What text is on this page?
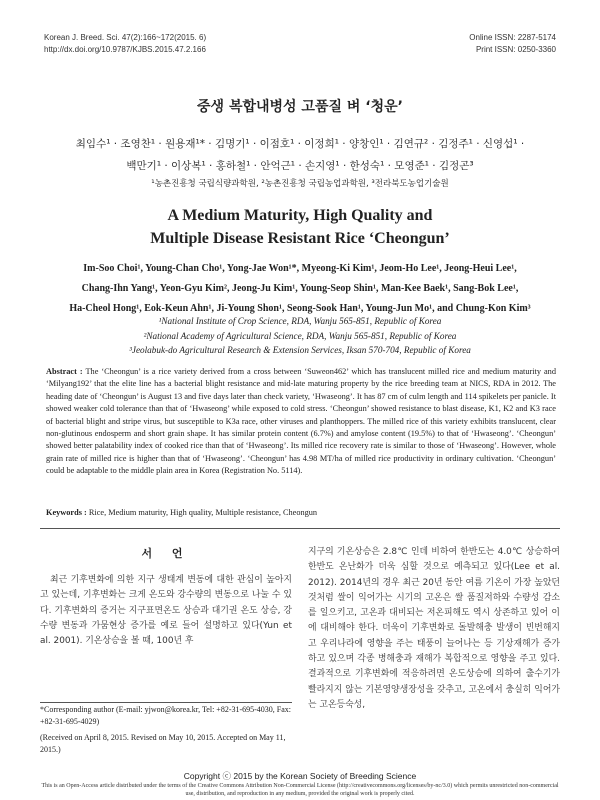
Korean J. Breed. Sci. 47(2):166~172(2015. 6)
http://dx.doi.org/10.9787/KJBS.2015.47.2.166
Online ISSN: 2287-5174
Print ISSN: 0250-3360
중생 복합내병성 고품질 벼 ‘청운’
최임수¹ · 조영찬¹ · 원용재¹* · 김명기¹ · 이점호¹ · 이정희¹ · 양창인¹ · 김연규² · 김정주¹ · 신영섭¹ ·
백만기¹ · 이상복¹ · 홍하철¹ · 안억근¹ · 손지영¹ · 한성숙¹ · 모영준¹ · 김정곤³
¹농촌진흥청 국립식량과학원, ²농촌진흥청 국립농업과학원, ³전라북도농업기술원
A Medium Maturity, High Quality and
Multiple Disease Resistant Rice ‘Cheongun’
Im-Soo Choi¹, Young-Chan Cho¹, Yong-Jae Won¹*, Myeong-Ki Kim¹, Jeom-Ho Lee¹, Jeong-Heui Lee¹,
Chang-Ihn Yang¹, Yeon-Gyu Kim², Jeong-Ju Kim¹, Young-Seop Shin¹, Man-Kee Baek¹, Sang-Bok Lee¹,
Ha-Cheol Hong¹, Eok-Keun Ahn¹, Ji-Young Shon¹, Seong-Sook Han¹, Young-Jun Mo¹, and Chung-Kon Kim³
¹National Institute of Crop Science, RDA, Wanju 565-851, Republic of Korea
²National Academy of Agricultural Science, RDA, Wanju 565-851, Republic of Korea
³Jeolabuk-do Agricultural Research & Extension Services, Iksan 570-704, Republic of Korea
Abstract : The ‘Cheongun’ is a rice variety derived from a cross between ‘Suweon462’ which has translucent milled rice and medium maturity and ‘Milyang192’ that the elite line has a bacterial blight resistance and mid-late maturing property by the rice breeding team at NICS, RDA in 2012. The heading date of ‘Cheongun’ is August 13 and five days later than check variety, ‘Hwaseong’. It has 87 cm of culm length and 114 spikelets per panicle. It showed weaker cold tolerance than that of ‘Hwaseong’ while exposed to cold stress. ‘Cheongun’ showed resistance to blast disease, K1, K2 and K3 race of bacterial blight and stripe virus, but susceptible to K3a race, other viruses and planthoppers. The milled rice of this variety exhibits translucent, clear non-glutinous endosperm and short grain shape. It has similar protein content (6.7%) and amylose content (19.5%) to that of ‘Hwaseong’. ‘Cheongun’ showed better palatability index of cooked rice than that of ‘Hwaseong’. Its milled rice recovery rate is similar to those of ‘Hwaseong’. However, whole grain rate of milled rice is higher than that of ‘Hwaseong’. ‘Cheongun’ has 4.98 MT/ha of milled rice productivity in ordinary cultivation. ‘Cheongun’ could be adaptable to the middle plain area in Korea (Registration No. 5114).
Keywords : Rice, Medium maturity, High quality, Multiple resistance, Cheongun
서 언

최근 기후변화에 의한 지구 생태계 변동에 대한 관심이 높아지고 있는데, 기후변화는 크게 온도와 강수량의 변동으로 나눌 수 있다. 기후변화의 증거는 지구표면온도 상승과 대기권 온도 상승, 강수량 변동과 가뭄현상 증가를 예로 들어 설명하고 있다(Yun et al. 2001). 기온상승을 볼 때, 100년 후

지구의 기온상승은 2.8℃ 인데 비하여 한반도는 4.0℃ 상승하여 한반도 온난화가 더욱 심할 것으로 예측되고 있다(Lee et al. 2012). 2014년의 경우 최근 20년 동안 여름 기온이 가장 높았던 것처럼 쌀이 익어가는 시기의 고온은 쌀 품질저하와 수량성 감소를 일으키고, 고온과 대비되는 저온피해도 역시 상존하고 있어 이에 대비해야 한다. 더욱이 기후변화로 돌발해충 발생이 빈번해지고 우리나라에 영향을 주는 태풍이 늘어나는 등 기상재해가 증가하고 있으며 각종 병해충과 재해가 복합적으로 영향을 주고 있다. 결과적으로 기후변화에 적응하려면 온도상승에 의하여 출수기가 빨라지지 않는 기본영양생장성을 갖추고, 고온에서 충실히 익어가는 고온등숙성,

*Corresponding author (E-mail: yjwon@korea.kr, Tel: +82-31-695-4030, Fax: +82-31-695-4029)

(Received on April 8, 2015. Revised on May 10, 2015. Accepted on May 11, 2015.)

Copyright ⓒ 2015 by the Korean Society of Breeding Science
This is an Open-Access article distributed under the terms of the Creative Commons Attribution Non-Commercial License (http://creativecommons.org/licenses/by-nc/3.0) which permits unrestricted non-commercial use, distribution, and reproduction in any medium, provided the original work is properly cited.
